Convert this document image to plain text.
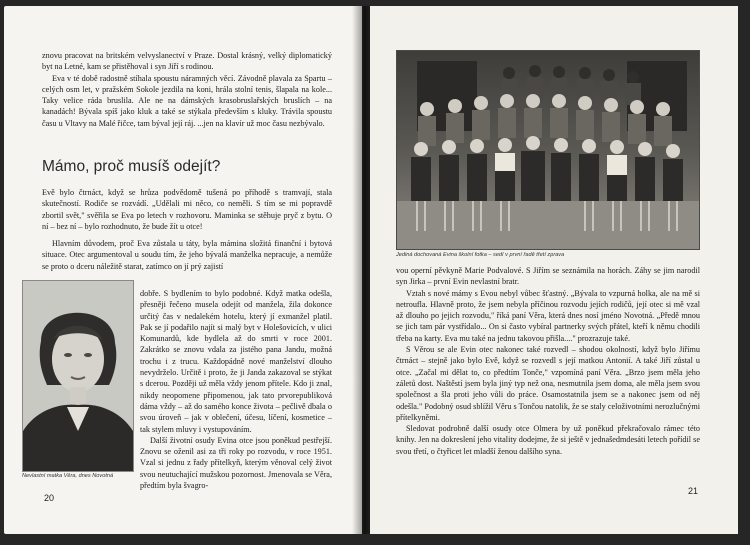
znovu pracovat na britském velvyslanectví v Praze. Dostal krásný, velký diplomatický byt na Letné, kam se přistěhoval i syn Jiří s rodinou.

Eva v té době radostně stíhala spoustu náramných věcí. Závodně plavala za Spartu – celých osm let, v pražském Sokole jezdila na koni, hrála stolní tenis, šlapala na kole... Taky velice ráda bruslila. Ale ne na dámských krasobruslařských bruslích – na kanadách! Bývala spíš jako kluk a také se stýkala především s kluky. Trávila spoustu času u Vltavy na Malé řičce, tam býval její ráj. ...jen na klavír už moc času nezbývalo.

Mámo, proč musíš odejít?

Evě bylo čtrnáct, když se hrůza podvědomě tušená po příhodě s tramvají, stala skutečností. Rodiče se rozvádí. „Udělali mi něco, co neměli. S tím se mi popravdě zbortil svět," svěřila se Eva po letech v rozhovoru. Maminka se stěhuje pryč z bytu. O ní – bez ní – bylo rozhodnuto, že bude žít u otce!

Hlavním důvodem, proč Eva zůstala u táty, byla mámina složitá finanční i bytová situace. Otec argumentoval u soudu tím, že jeho bývalá manželka nepracuje, a nemůže se proto o dceru náležitě starat, zatímco on jí prý zajistí

dobře. S bydlením to bylo podobné. Když matka odešla, přesněji řečeno musela odejít od manžela, žila dokonce určitý čas v nedalekém hotelu, který jí exmanžel platil. Pak se jí podařilo najít si malý byt v Holešovicích, v ulici Komunardů, kde bydlela až do smrti v roce 2001. Zakrátko se znovu vdala za jistého pana Jandu, možná trochu i z trucu. Každopádně nové manželství dlouho nevydrželo. Určitě i proto, že ji Janda zakazoval se stýkat s dcerou. Později už měla vždy jenom přítele. Kdo ji znal, nikdy neopomene připomenou, jak tato prvorepubliková dáma vždy – až do samého konce života – pečlivě dbala o svou úroveň – jak v oblečení, účesu, líčení, kosmetice – tak stylem mluvy i vystupováním.

Další životní osudy Evina otce jsou poněkud pestřejší. Znovu se oženil asi za tři roky po rozvodu, v roce 1951. Vzal si jednu z řady přítelkyň, kterým věnoval celý život svou neutuchající mužskou pozornost. Jmenovala se Věra, předtím byla švagro-

Nevlastní matka Věra, dnes Novotná

20

Jediná dochovaná Evina školní fotka – sedí v první řadě třetí zprava

vou operní pěvkyně Marie Podvalové. S Jiřím se seznámila na horách. Záhy se jim narodil syn Jirka – první Evin nevlastní bratr.

Vztah s nové mámy s Evou nebyl vůbec šťastný. „Bývala to vzpurná holka, ale na mě si netroufla. Hlavně proto, že jsem nebyla příčinou rozvodu jejích rodičů, její otec si mě vzal až dlouho po jejich rozvodu," říká paní Věra, která dnes nosí jméno Novotná. „Předě mnou se jich tam pár vystřídalo... On si často vybíral partnerky svých přátel, kteří k němu chodili třeba na karty. Eva mu také na jednu takovou přišla...." prozrazuje také.

S Věrou se ale Evin otec nakonec také rozvedl – shodou okolností, když bylo Jiřímu čtrnáct – stejně jako bylo Evě, když se rozvedl s její matkou Antonií. A také Jiří zůstal u otce. „Začal mi dělat to, co předtím Tonče," vzpomíná paní Věra. „Brzo jsem měla jeho záletů dost. Naštěstí jsem byla jiný typ než ona, nesmutnila jsem doma, ale měla jsem svou společnost a šla proti jeho vůli do práce. Osamostatnila jsem se a nakonec jsem od něj odešla." Podobný osud sblížil Věru s Tončou natolik, že se staly celoživotními nerozlučnými přítelkyněmi.

Sledovat podrobně další osudy otce Olmera by už poněkud překračovalo rámec této knihy. Jen na dokreslení jeho vitality dodejme, že si ještě v jednašedmdesáti letech pořídil se svou třetí, o čtyřicet let mladší ženou dalšího syna.

21
